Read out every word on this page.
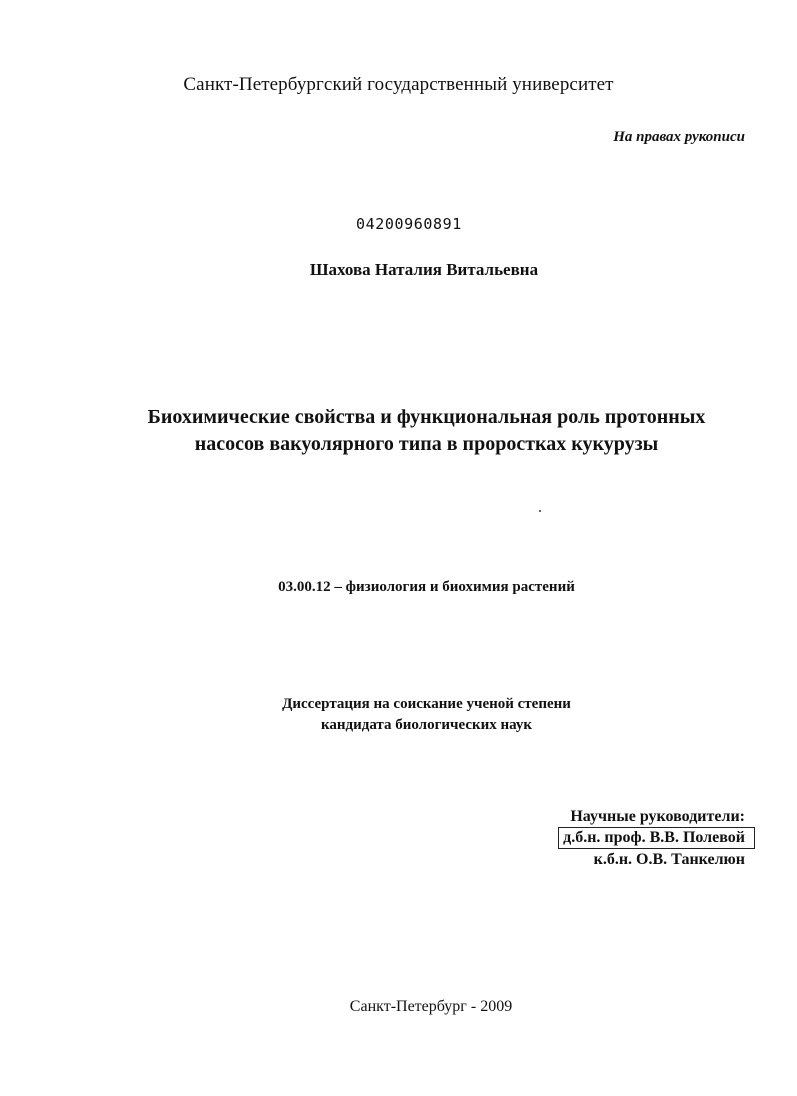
Санкт-Петербургский государственный университет
На правах рукописи
04200960891
Шахова Наталия Витальевна
Биохимические свойства и функциональная роль протонных
насосов вакуолярного типа в проростках кукурузы
03.00.12 – физиология и биохимия растений
Диссертация на соискание ученой степени
кандидата биологических наук
Научные руководители:
д.б.н. проф. В.В. Полевой
к.б.н. О.В. Танкелюн
Санкт-Петербург - 2009
